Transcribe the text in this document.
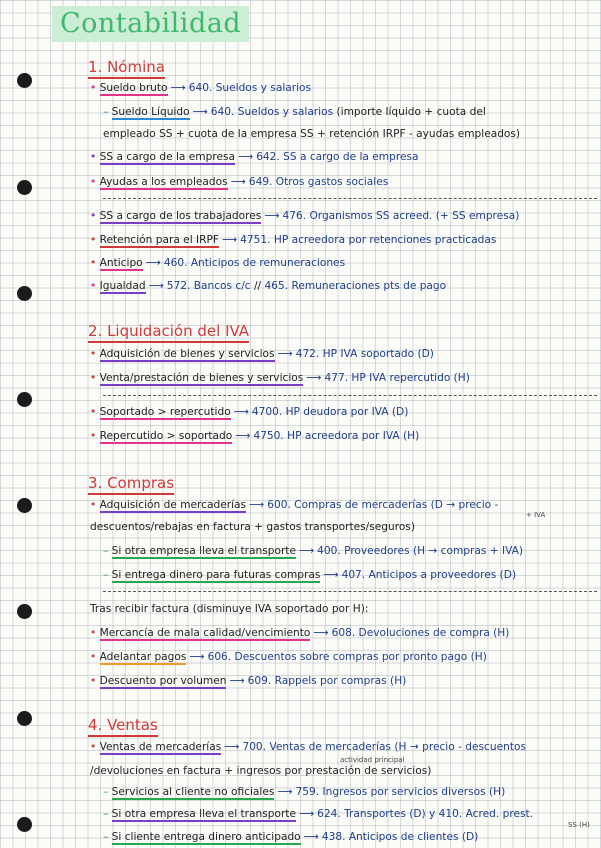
Contabilidad
1. Nómina
• Sueldo bruto ⟶ 640. Sueldos y salarios
– Sueldo Líquido ⟶ 640. Sueldos y salarios (importe líquido + cuota del
empleado SS + cuota de la empresa SS + retención IRPF - ayudas empleados)
• SS a cargo de la empresa ⟶ 642. SS a cargo de la empresa
• Ayudas a los empleados ⟶ 649. Otros gastos sociales
• SS a cargo de los trabajadores ⟶ 476. Organismos SS acreed. (+ SS empresa)
• Retención para el IRPF ⟶ 4751. HP acreedora por retenciones practicadas
• Anticipo ⟶ 460. Anticipos de remuneraciones
• Igualdad ⟶ 572. Bancos c/c // 465. Remuneraciones pts de pago
2. Liquidación del IVA
• Adquisición de bienes y servicios ⟶ 472. HP IVA soportado (D)
• Venta/prestación de bienes y servicios ⟶ 477. HP IVA repercutido (H)
• Soportado > repercutido ⟶ 4700. HP deudora por IVA (D)
• Repercutido > soportado ⟶ 4750. HP acreedora por IVA (H)
3. Compras
+ IVA
• Adquisición de mercaderías ⟶ 600. Compras de mercaderías (D → precio -
descuentos/rebajas en factura + gastos transportes/seguros)
– Si otra empresa lleva el transporte ⟶ 400. Proveedores (H → compras + IVA)
– Si entrega dinero para futuras compras ⟶ 407. Anticipos a proveedores (D)
Tras recibir factura (disminuye IVA soportado por H):
• Mercancía de mala calidad/vencimiento ⟶ 608. Devoluciones de compra (H)
• Adelantar pagos ⟶ 606. Descuentos sobre compras por pronto pago (H)
• Descuento por volumen ⟶ 609. Rappels por compras (H)
4. Ventas
• Ventas de mercaderías ⟶ 700. Ventas de mercaderías (H → precio - descuentos
actividad principal
/devoluciones en factura + ingresos por prestación de servicios)
– Servicios al cliente no oficiales ⟶ 759. Ingresos por servicios diversos (H)
SS (H)
– Si otra empresa lleva el transporte ⟶ 624. Transportes (D) y 410. Acred. prest.
– Si cliente entrega dinero anticipado ⟶ 438. Anticipos de clientes (D)
